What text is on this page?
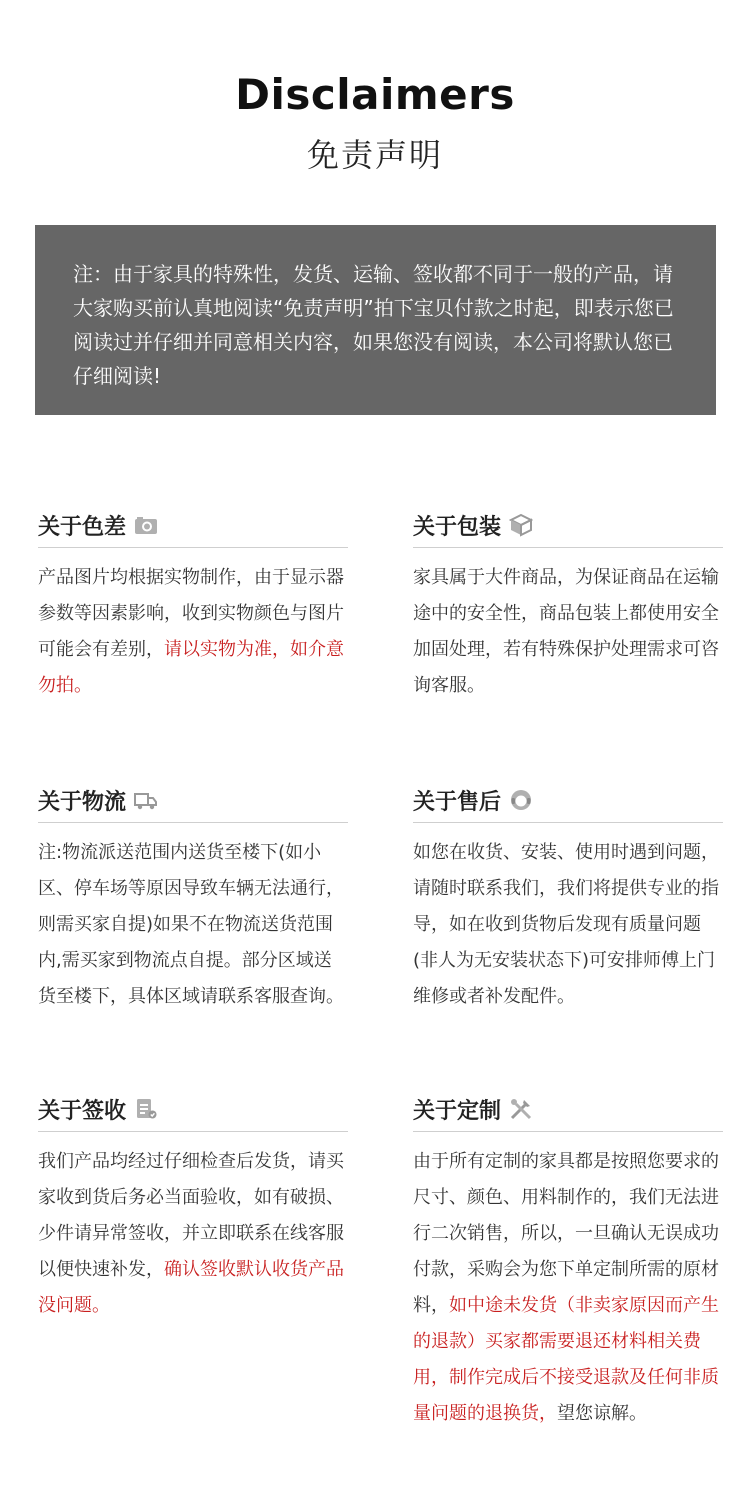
Disclaimers
免责声明
注：由于家具的特殊性，发货、运输、签收都不同于一般的产品，请大家购买前认真地阅读“免责声明”拍下宝贝付款之时起，即表示您已阅读过并仔细并同意相关内容，如果您没有阅读，本公司将默认您已仔细阅读!
关于色差
产品图片均根据实物制作，由于显示器参数等因素影响，收到实物颜色与图片可能会有差别，请以实物为准，如介意勿拍。
关于包装
家具属于大件商品，为保证商品在运输途中的安全性，商品包装上都使用安全加固处理，若有特殊保护处理需求可咨询客服。
关于物流
注:物流派送范围内送货至楼下(如小区、停车场等原因导致车辆无法通行，则需买家自提)如果不在物流送货范围内,需买家到物流点自提。部分区域送货至楼下，具体区域请联系客服查询。
关于售后
如您在收货、安装、使用时遇到问题，请随时联系我们，我们将提供专业的指导，如在收到货物后发现有质量问题(非人为无安装状态下)可安排师傅上门维修或者补发配件。
关于签收
我们产品均经过仔细检查后发货，请买家收到货后务必当面验收，如有破损、少件请异常签收，并立即联系在线客服以便快速补发，确认签收默认收货产品没问题。
关于定制
由于所有定制的家具都是按照您要求的尺寸、颜色、用料制作的，我们无法进行二次销售，所以，一旦确认无误成功付款，采购会为您下单定制所需的原材料，如中途未发货（非卖家原因而产生的退款）买家都需要退还材料相关费用，制作完成后不接受退款及任何非质量问题的退换货，望您谅解。
